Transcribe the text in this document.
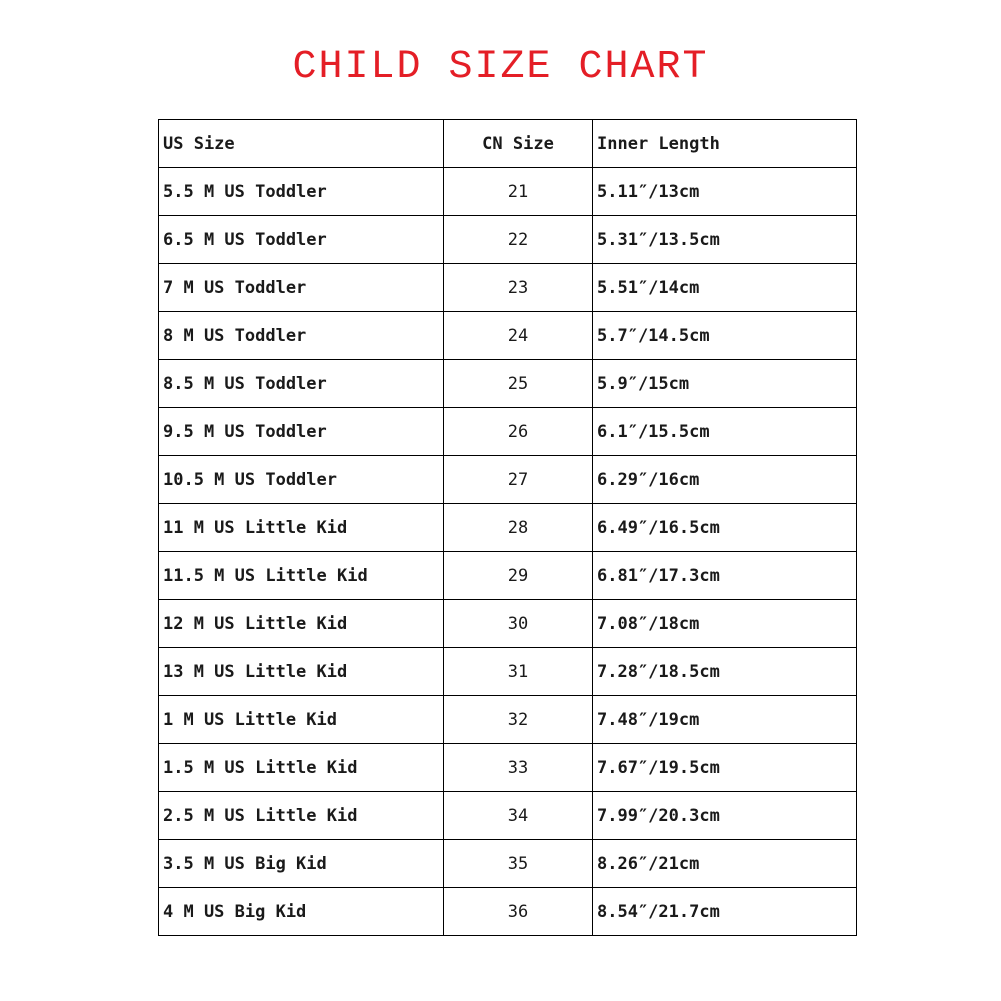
CHILD SIZE CHART
US Size	CN Size	Inner Length
5.5 M US Toddler	21	5.11″/13cm
6.5 M US Toddler	22	5.31″/13.5cm
7 M US Toddler	23	5.51″/14cm
8 M US Toddler	24	5.7″/14.5cm
8.5 M US Toddler	25	5.9″/15cm
9.5 M US Toddler	26	6.1″/15.5cm
10.5 M US Toddler	27	6.29″/16cm
11 M US Little Kid	28	6.49″/16.5cm
11.5 M US Little Kid	29	6.81″/17.3cm
12 M US Little Kid	30	7.08″/18cm
13 M US Little Kid	31	7.28″/18.5cm
1 M US Little Kid	32	7.48″/19cm
1.5 M US Little Kid	33	7.67″/19.5cm
2.5 M US Little Kid	34	7.99″/20.3cm
3.5 M US Big Kid	35	8.26″/21cm
4 M US Big Kid	36	8.54″/21.7cm
